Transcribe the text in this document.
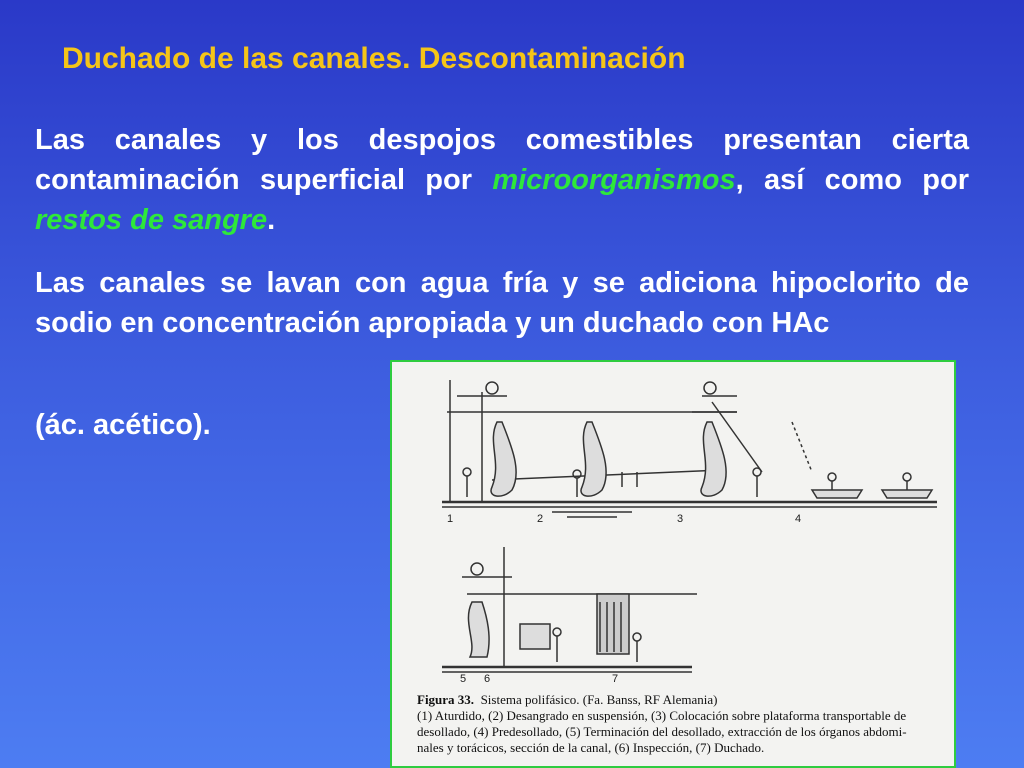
Duchado de las canales. Descontaminación
Las canales y los despojos comestibles presentan cierta contaminación superficial por microorganismos, así como por restos de sangre.
Las canales se lavan con agua fría y se adiciona hipoclorito de sodio en concentración apropiada y un duchado con HAc
(ác. acético).
1	2	3	4
5 6	7
Figura 33. Sistema polifásico. (Fa. Banss, RF Alemania)
(1) Aturdido, (2) Desangrado en suspensión, (3) Colocación sobre plataforma transportable de
desollado, (4) Predesollado, (5) Terminación del desollado, extracción de los órganos abdomi-
nales y torácicos, sección de la canal, (6) Inspección, (7) Duchado.
